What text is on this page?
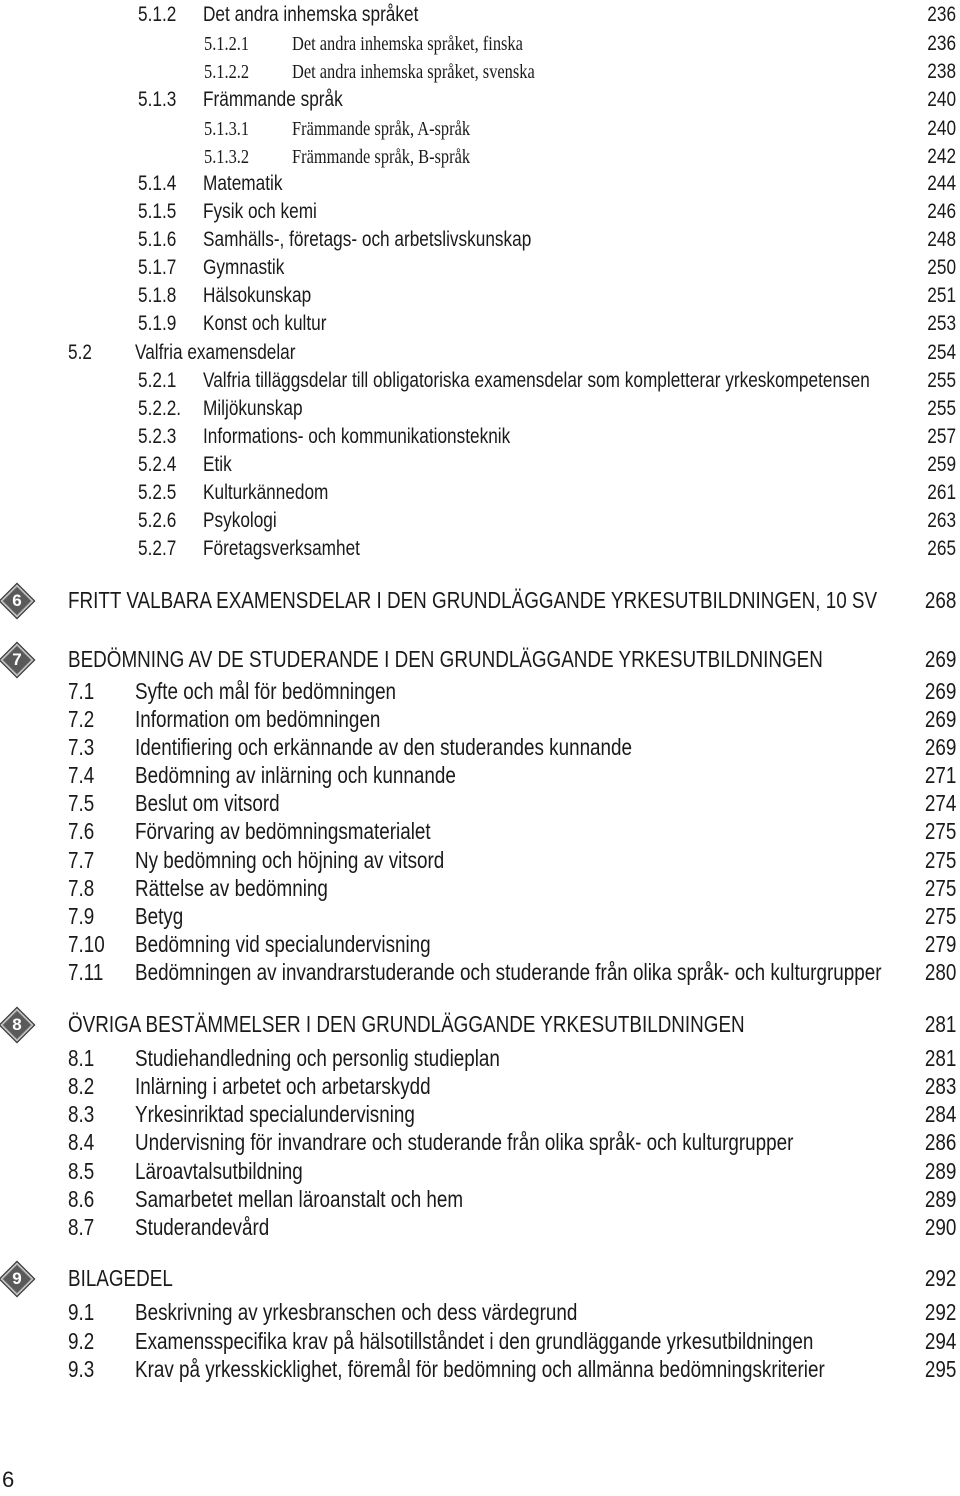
5.1.2 Det andra inhemska språket	236
5.1.2.1 Det andra inhemska språket, finska	236
5.1.2.2 Det andra inhemska språket, svenska	238
5.1.3 Främmande språk	240
5.1.3.1 Främmande språk, A-språk	240
5.1.3.2 Främmande språk, B-språk	242
5.1.4 Matematik	244
5.1.5 Fysik och kemi	246
5.1.6 Samhälls-, företags- och arbetslivskunskap	248
5.1.7 Gymnastik	250
5.1.8 Hälsokunskap	251
5.1.9 Konst och kultur	253
5.2 Valfria examensdelar	254
5.2.1 Valfria tilläggsdelar till obligatoriska examensdelar som kompletterar yrkeskompetensen	255
5.2.2. Miljökunskap	255
5.2.3 Informations- och kommunikationsteknik	257
5.2.4 Etik	259
5.2.5 Kulturkännedom	261
5.2.6 Psykologi	263
5.2.7 Företagsverksamhet	265
6	FRITT VALBARA EXAMENSDELAR I DEN GRUNDLÄGGANDE YRKESUTBILDNINGEN, 10 SV 268
7	BEDÖMNING AV DE STUDERANDE I DEN GRUNDLÄGGANDE YRKESUTBILDNINGEN	269
7.1 Syfte och mål för bedömningen	269
7.2 Information om bedömningen	269
7.3 Identifiering och erkännande av den studerandes kunnande	269
7.4 Bedömning av inlärning och kunnande	271
7.5 Beslut om vitsord	274
7.6 Förvaring av bedömningsmaterialet	275
7.7 Ny bedömning och höjning av vitsord	275
7.8 Rättelse av bedömning	275
7.9 Betyg	275
7.10 Bedömning vid specialundervisning	279
7.11 Bedömningen av invandrarstuderande och studerande från olika språk- och kulturgrupper 280
8	ÖVRIGA BESTÄMMELSER I DEN GRUNDLÄGGANDE YRKESUTBILDNINGEN	281
8.1 Studiehandledning och personlig studieplan	281
8.2 Inlärning i arbetet och arbetarskydd	283
8.3 Yrkesinriktad specialundervisning	284
8.4 Undervisning för invandrare och studerande från olika språk- och kulturgrupper	286
8.5 Läroavtalsutbildning	289
8.6 Samarbetet mellan läroanstalt och hem	289
8.7 Studerandevård	290
9	BILAGEDEL	292
9.1 Beskrivning av yrkesbranschen och dess värdegrund	292
9.2 Examensspecifika krav på hälsotillståndet i den grundläggande yrkesutbildningen	294
9.3 Krav på yrkesskicklighet, föremål för bedömning och allmänna bedömningskriterier	295
6
